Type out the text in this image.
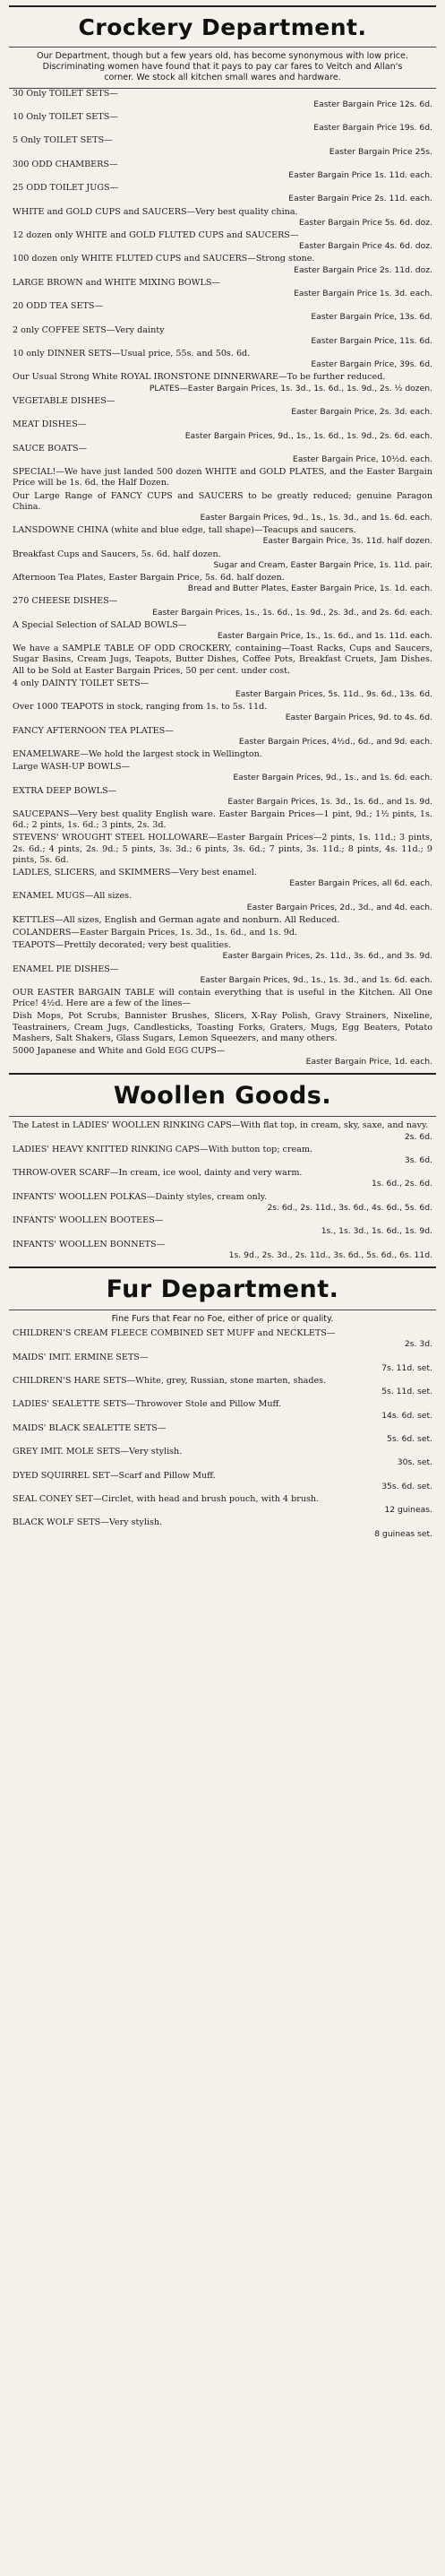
Crockery Department.
Our Department, though but a few years old, has become synonymous with low price. Discriminating women have found that it pays to pay car fares to Veitch and Allan's corner. We stock all kitchen small wares and hardware.
30 Only TOILET SETS—
Easter Bargain Price 12s. 6d.
10 Only TOILET SETS—
Easter Bargain Price 19s. 6d.
5 Only TOILET SETS—
Easter Bargain Price 25s.
300 ODD CHAMBERS—
Easter Bargain Price 1s. 11d. each.
25 ODD TOILET JUGS—
Easter Bargain Price 2s. 11d. each.
WHITE and GOLD CUPS and SAUCERS—Very best quality china.
Easter Bargain Price 5s. 6d. doz.
12 dozen only WHITE and GOLD FLUTED CUPS and SAUCERS—
Easter Bargain Price 4s. 6d. doz.
100 dozen only WHITE FLUTED CUPS and SAUCERS—Strong stone.
Easter Bargain Price 2s. 11d. doz.
LARGE BROWN and WHITE MIXING BOWLS—
Easter Bargain Price 1s. 3d. each.
20 ODD TEA SETS—
Easter Bargain Price, 13s. 6d.
2 only COFFEE SETS—Very dainty
Easter Bargain Price, 11s. 6d.
10 only DINNER SETS—Usual price, 55s. and 50s. 6d.
Easter Bargain Price, 39s. 6d.
Our Usual Strong White ROYAL IRONSTONE DINNERWARE—To be further reduced.
PLATES—Easter Bargain Prices, 1s. 3d., 1s. 6d., 1s. 9d., 2s. ½ dozen.
VEGETABLE DISHES—
Easter Bargain Price, 2s. 3d. each.
MEAT DISHES—
Easter Bargain Prices, 9d., 1s., 1s. 6d., 1s. 9d., 2s. 6d. each.
SAUCE BOATS—
Easter Bargain Price, 10½d. each.
SPECIAL!—We have just landed 500 dozen WHITE and GOLD PLATES, and the Easter Bargain Price will be 1s. 6d. the Half Dozen.
Our Large Range of FANCY CUPS and SAUCERS to be greatly reduced; genuine Paragon China.
Easter Bargain Prices, 9d., 1s., 1s. 3d., and 1s. 6d. each.
LANSDOWNE CHINA (white and blue edge, tall shape)—Teacups and saucers.
Easter Bargain Price, 3s. 11d. half dozen.
Breakfast Cups and Saucers, 5s. 6d. half dozen.
Sugar and Cream, Easter Bargain Price, 1s. 11d. pair.
Afternoon Tea Plates, Easter Bargain Price, 5s. 6d. half dozen.
Bread and Butter Plates, Easter Bargain Price, 1s. 1d. each.
270 CHEESE DISHES—
Easter Bargain Prices, 1s., 1s. 6d., 1s. 9d., 2s. 3d., and 2s. 6d. each.
A Special Selection of SALAD BOWLS—
Easter Bargain Price, 1s., 1s. 6d., and 1s. 11d. each.
We have a SAMPLE TABLE OF ODD CROCKERY, containing—Toast Racks, Cups and Saucers, Sugar Basins, Cream Jugs, Teapots, Butter Dishes, Coffee Pots, Breakfast Cruets, Jam Dishes. All to be Sold at Easter Bargain Prices, 50 per cent. under cost.
4 only DAINTY TOILET SETS—
Easter Bargain Prices, 5s. 11d., 9s. 6d., 13s. 6d.
Over 1000 TEAPOTS in stock, ranging from 1s. to 5s. 11d.
Easter Bargain Prices, 9d. to 4s. 6d.
FANCY AFTERNOON TEA PLATES—
Easter Bargain Prices, 4½d., 6d., and 9d. each.
ENAMELWARE—We hold the largest stock in Wellington.
Large WASH-UP BOWLS—
Easter Bargain Prices, 9d., 1s., and 1s. 6d. each.
EXTRA DEEP BOWLS—
Easter Bargain Prices, 1s. 3d., 1s. 6d., and 1s. 9d.
SAUCEPANS—Very best quality English ware. Easter Bargain Prices—1 pint, 9d.; 1½ pints, 1s. 6d.; 2 pints, 1s. 6d.; 3 pints, 2s. 3d.
STEVENS' WROUGHT STEEL HOLLOWARE—Easter Bargain Prices—2 pints, 1s. 11d.; 3 pints, 2s. 6d.; 4 pints, 2s. 9d.; 5 pints, 3s. 3d.; 6 pints, 3s. 6d.; 7 pints, 3s. 11d.; 8 pints, 4s. 11d.; 9 pints, 5s. 6d.
LADLES, SLICERS, and SKIMMERS—Very best enamel.
Easter Bargain Prices, all 6d. each.
ENAMEL MUGS—All sizes.
Easter Bargain Prices, 2d., 3d., and 4d. each.
KETTLES—All sizes, English and German agate and nonburn. All Reduced.
COLANDERS—Easter Bargain Prices, 1s. 3d., 1s. 6d., and 1s. 9d.
TEAPOTS—Prettily decorated; very best qualities.
Easter Bargain Prices, 2s. 11d., 3s. 6d., and 3s. 9d.
ENAMEL PIE DISHES—
Easter Bargain Prices, 9d., 1s., 1s. 3d., and 1s. 6d. each.
OUR EASTER BARGAIN TABLE will contain everything that is useful in the Kitchen. All One Price! 4½d. Here are a few of the lines—
Dish Mops, Pot Scrubs, Bannister Brushes, Slicers, X-Ray Polish, Gravy Strainers, Nixeline, Teastrainers, Cream Jugs, Candlesticks, Toasting Forks, Graters, Mugs, Egg Beaters, Potato Mashers, Salt Shakers, Glass Sugars, Lemon Squeezers, and many others.
5000 Japanese and White and Gold EGG CUPS—
Easter Bargain Price, 1d. each.
Woollen Goods.
The Latest in LADIES' WOOLLEN RINKING CAPS—With flat top, in cream, sky, saxe, and navy.
2s. 6d.
LADIES' HEAVY KNITTED RINKING CAPS—With button top; cream.
3s. 6d.
THROW-OVER SCARF—In cream, ice wool, dainty and very warm.
1s. 6d., 2s. 6d.
INFANTS' WOOLLEN POLKAS—Dainty styles, cream only.
2s. 6d., 2s. 11d., 3s. 6d., 4s. 6d., 5s. 6d.
INFANTS' WOOLLEN BOOTEES—
1s., 1s. 3d., 1s. 6d., 1s. 9d.
INFANTS' WOOLLEN BONNETS—
1s. 9d., 2s. 3d., 2s. 11d., 3s. 6d., 5s. 6d., 6s. 11d.
Fur Department.
Fine Furs that Fear no Foe, either of price or quality.
CHILDREN'S CREAM FLEECE COMBINED SET MUFF and NECKLETS—
2s. 3d.
MAIDS' IMIT. ERMINE SETS—
7s. 11d. set.
CHILDREN'S HARE SETS—White, grey, Russian, stone marten, shades.
5s. 11d. set.
LADIES' SEALETTE SETS—Throwover Stole and Pillow Muff.
14s. 6d. set.
MAIDS' BLACK SEALETTE SETS—
5s. 6d. set.
GREY IMIT. MOLE SETS—Very stylish.
30s. set.
DYED SQUIRREL SET—Scarf and Pillow Muff.
35s. 6d. set.
SEAL CONEY SET—Circlet, with head and brush pouch, with 4 brush.
12 guineas.
BLACK WOLF SETS—Very stylish.
8 guineas set.
